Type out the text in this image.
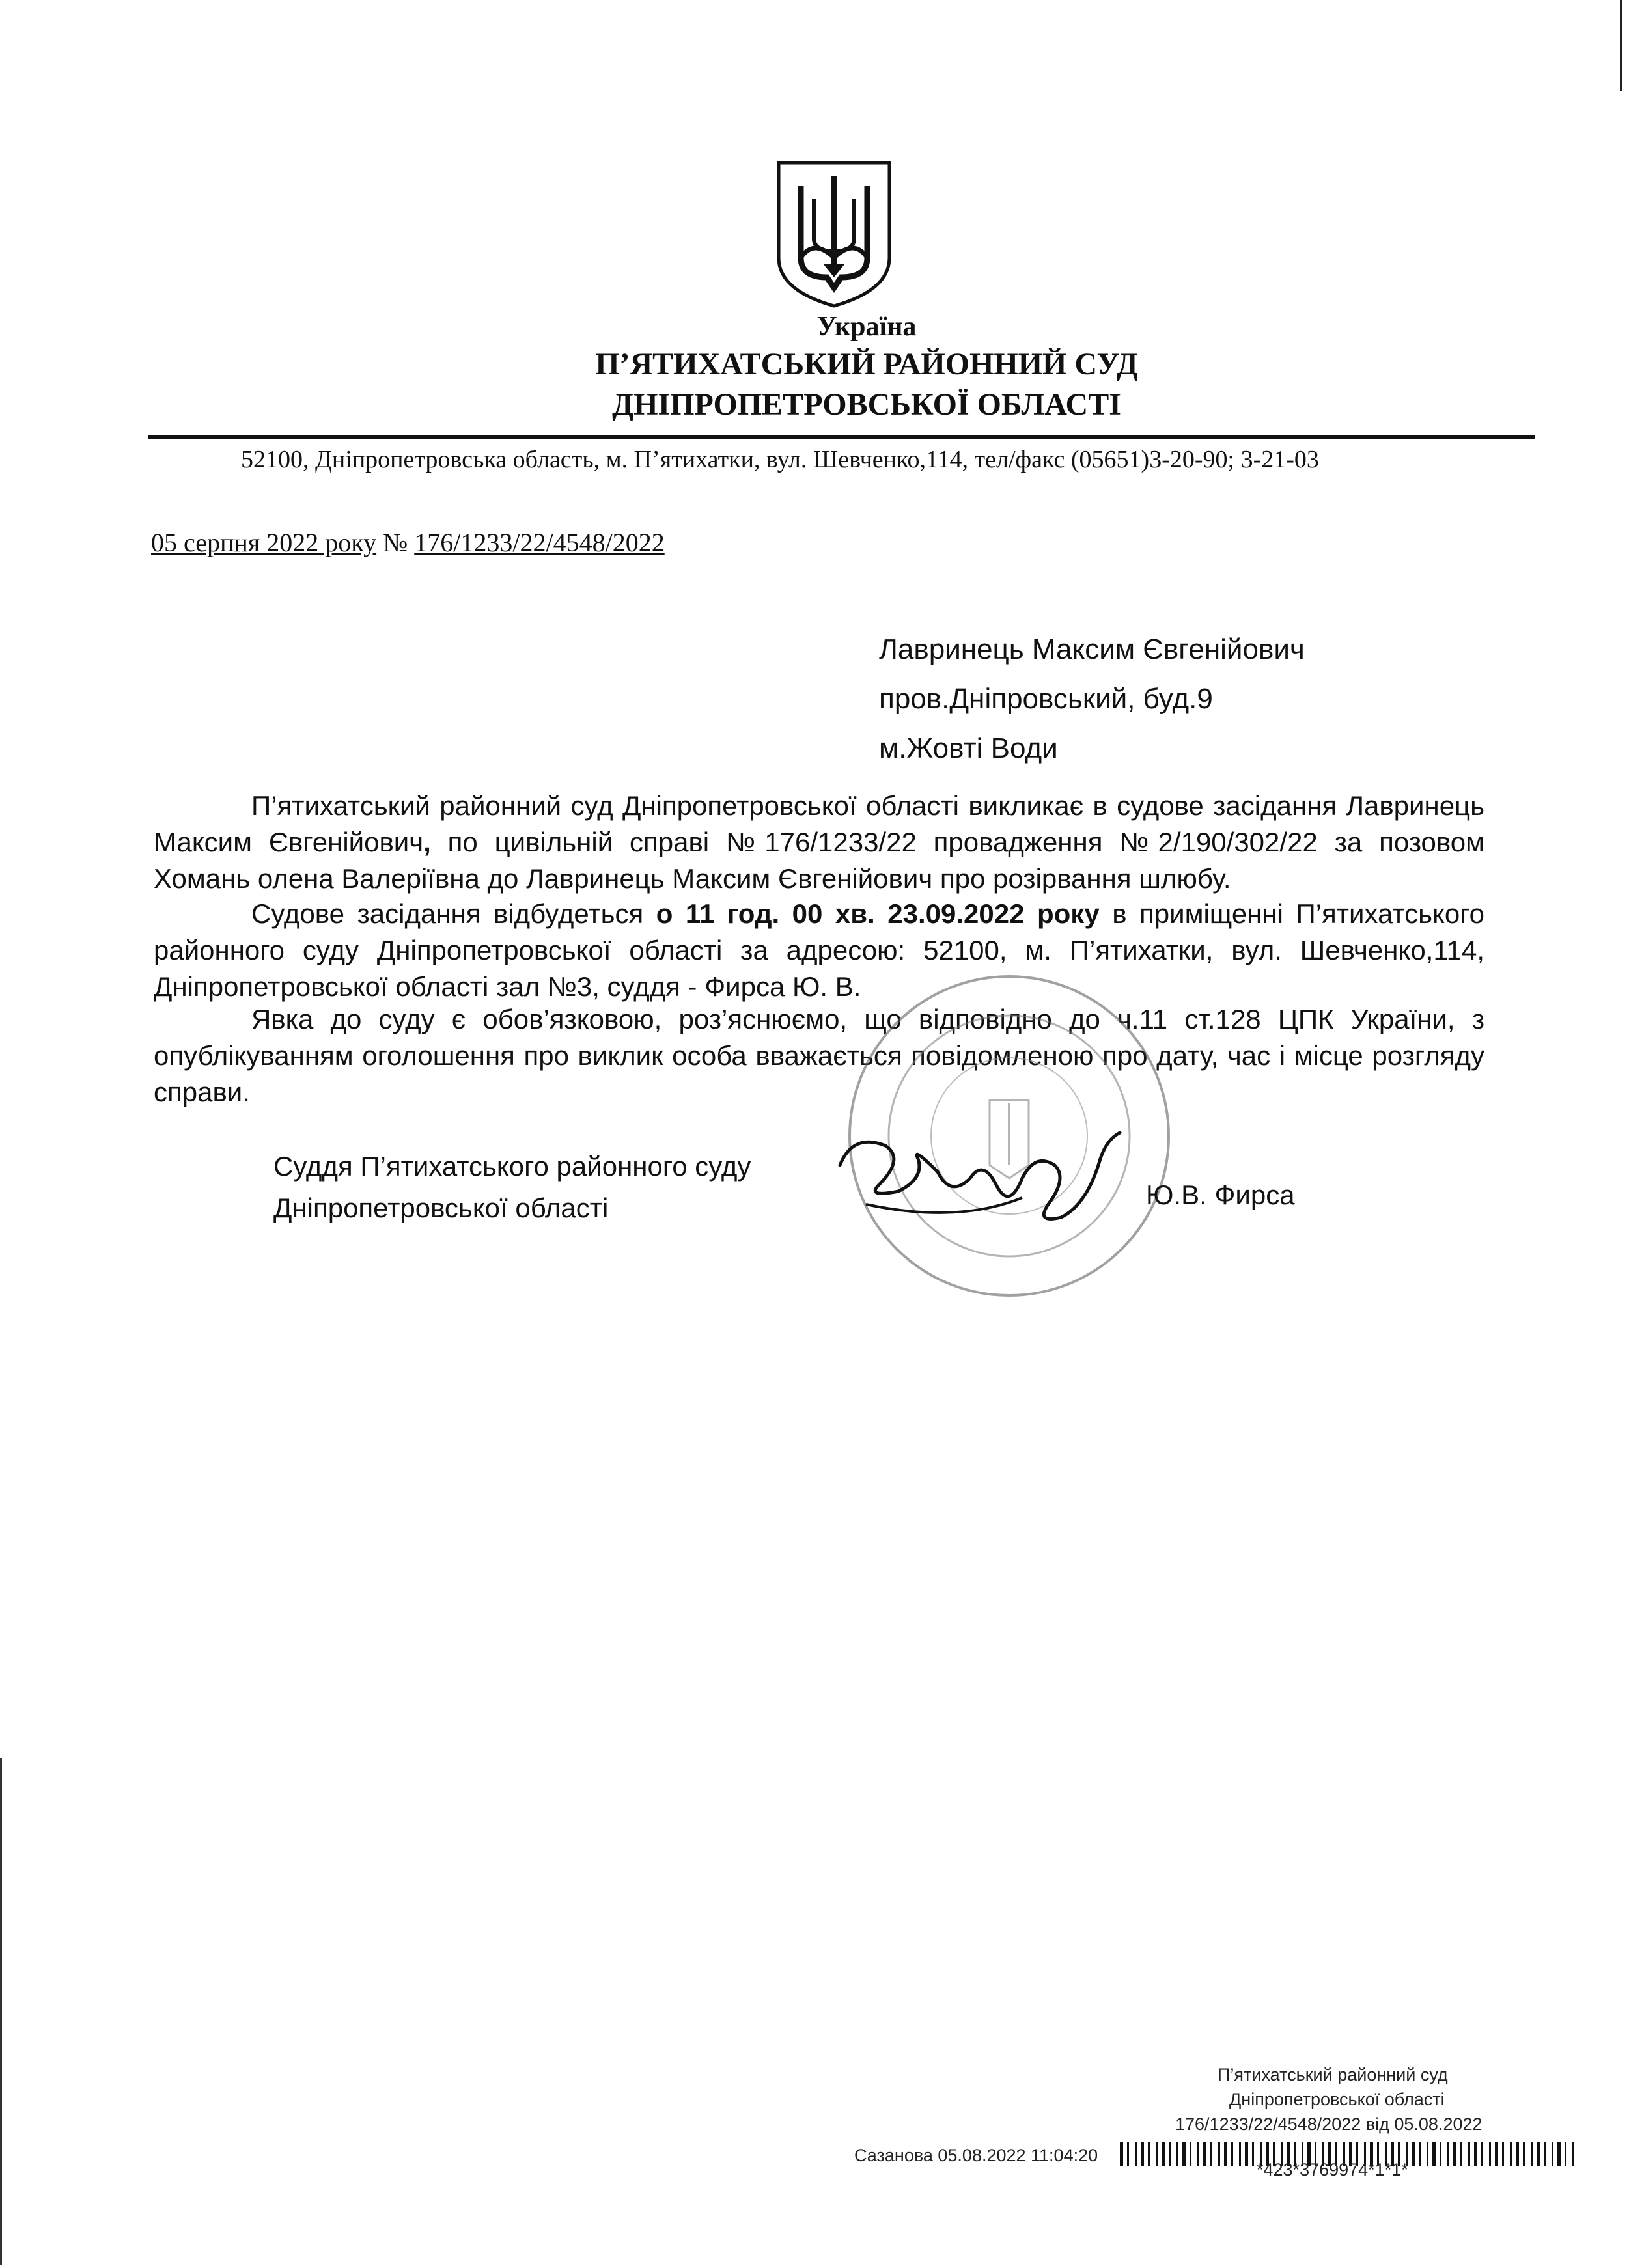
Україна
П’ЯТИХАТСЬКИЙ РАЙОННИЙ СУД
ДНІПРОПЕТРОВСЬКОЇ ОБЛАСТІ
52100, Дніпропетровська область, м. П’ятихатки, вул. Шевченко,114, тел/факс (05651)3-20-90; 3-21-03
05 серпня 2022 року № 176/1233/22/4548/2022
Лавринець Максим Євгенійович
пров.Дніпровський, буд.9
м.Жовті Води
П’ятихатський районний суд Дніпропетровської області викликає в судове засідання Лавринець Максим Євгенійович, по цивільній справі №176/1233/22 провадження №2/190/302/22 за позовом Хомань олена Валеріївна до Лавринець Максим Євгенійович про розірвання шлюбу.
Судове засідання відбудеться о 11 год. 00 хв. 23.09.2022 року в приміщенні П’ятихатського районного суду Дніпропетровської області за адресою: 52100, м. П’ятихатки, вул. Шевченко,114, Дніпропетровської області зал №3, суддя - Фирса Ю. В.
Явка до суду є обов’язковою, роз’яснюємо, що відповідно до ч.11 ст.128 ЦПК України, з опублікуванням оголошення про виклик особа вважається повідомленою про дату, час і місце розгляду справи.
Суддя П’ятихатського районного суду
Дніпропетровської області	Ю.В. Фирса
П’ятихатський районний суд
Дніпропетровської області
176/1233/22/4548/2022 від 05.08.2022
Сазанова 05.08.2022 11:04:20
*423*3769974*1*1*
